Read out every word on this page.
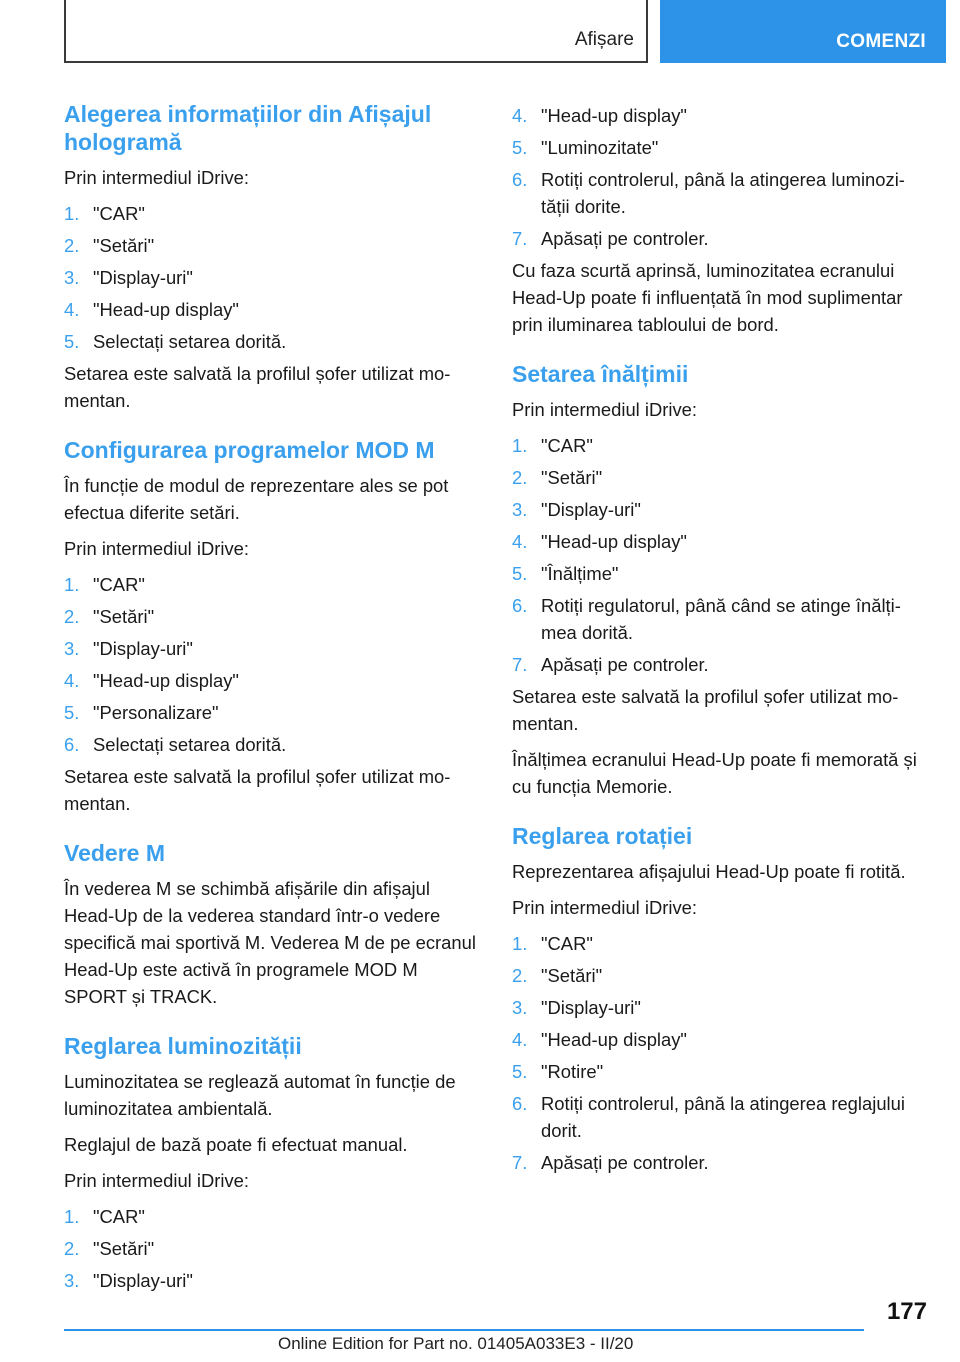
Afișare	COMENZI
Alegerea informațiilor din Afișajul hologramă

Prin intermediul iDrive:

1. "CAR"
2. "Setări"
3. "Display-uri"
4. "Head-up display"
5. Selectați setarea dorită.

Setarea este salvată la profilul șofer utilizat momentan.

Configurarea programelor MOD M

În funcție de modul de reprezentare ales se pot efectua diferite setări.

Prin intermediul iDrive:

1. "CAR"
2. "Setări"
3. "Display-uri"
4. "Head-up display"
5. "Personalizare"
6. Selectați setarea dorită.

Setarea este salvată la profilul șofer utilizat momentan.

Vedere M

În vederea M se schimbă afișările din afișajul Head-Up de la vederea standard într-o vedere specifică mai sportivă M. Vederea M de pe ecranul Head-Up este activă în programele MOD M SPORT și TRACK.

Reglarea luminozității

Luminozitatea se reglează automat în funcție de luminozitatea ambientală.

Reglajul de bază poate fi efectuat manual.

Prin intermediul iDrive:

1. "CAR"
2. "Setări"
3. "Display-uri"
4. "Head-up display"
5. "Luminozitate"
6. Rotiți controlerul, până la atingerea luminozității dorite.
7. Apăsați pe controler.

Cu faza scurtă aprinsă, luminozitatea ecranului Head-Up poate fi influențată în mod suplimentar prin iluminarea tabloului de bord.

Setarea înălțimii

Prin intermediul iDrive:

1. "CAR"
2. "Setări"
3. "Display-uri"
4. "Head-up display"
5. "Înălțime"
6. Rotiți regulatorul, până când se atinge înălțimea dorită.
7. Apăsați pe controler.

Setarea este salvată la profilul șofer utilizat momentan.

Înălțimea ecranului Head-Up poate fi memorată și cu funcția Memorie.

Reglarea rotației

Reprezentarea afișajului Head-Up poate fi rotită.

Prin intermediul iDrive:

1. "CAR"
2. "Setări"
3. "Display-uri"
4. "Head-up display"
5. "Rotire"
6. Rotiți controlerul, până la atingerea reglajului dorit.
7. Apăsați pe controler.
177
Online Edition for Part no. 01405A033E3 - II/20
